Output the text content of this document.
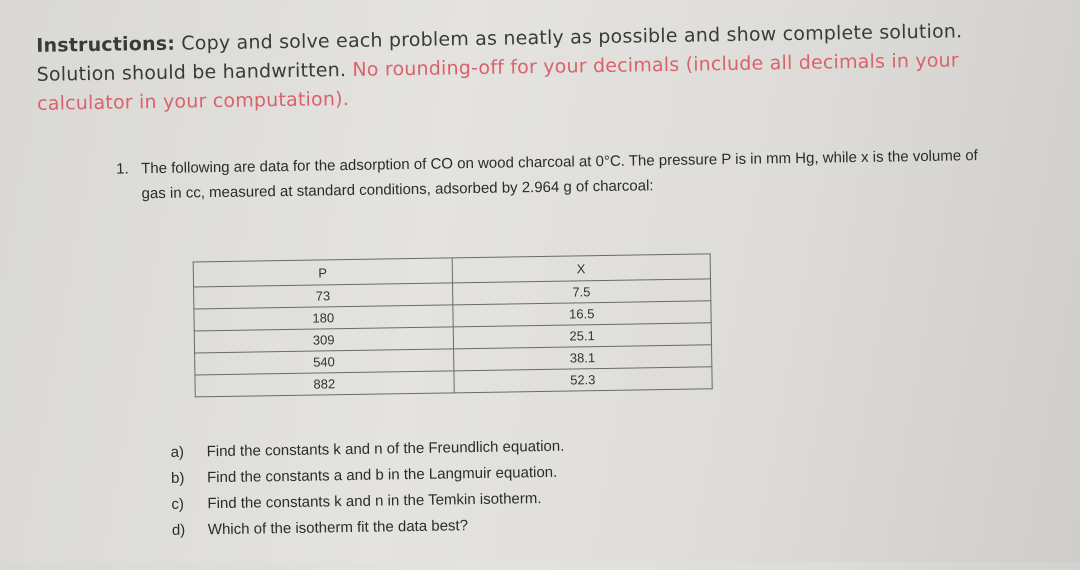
Instructions: Copy and solve each problem as neatly as possible and show complete solution. Solution should be handwritten. No rounding-off for your decimals (include all decimals in your calculator in your computation).
1. The following are data for the adsorption of CO on wood charcoal at 0°C. The pressure P is in mm Hg, while x is the volume of gas in cc, measured at standard conditions, adsorbed by 2.964 g of charcoal:
P	X
73	7.5
180	16.5
309	25.1
540	38.1
882	52.3
a)	Find the constants k and n of the Freundlich equation.
b)	Find the constants a and b in the Langmuir equation.
c)	Find the constants k and n in the Temkin isotherm.
d)	Which of the isotherm fit the data best?
